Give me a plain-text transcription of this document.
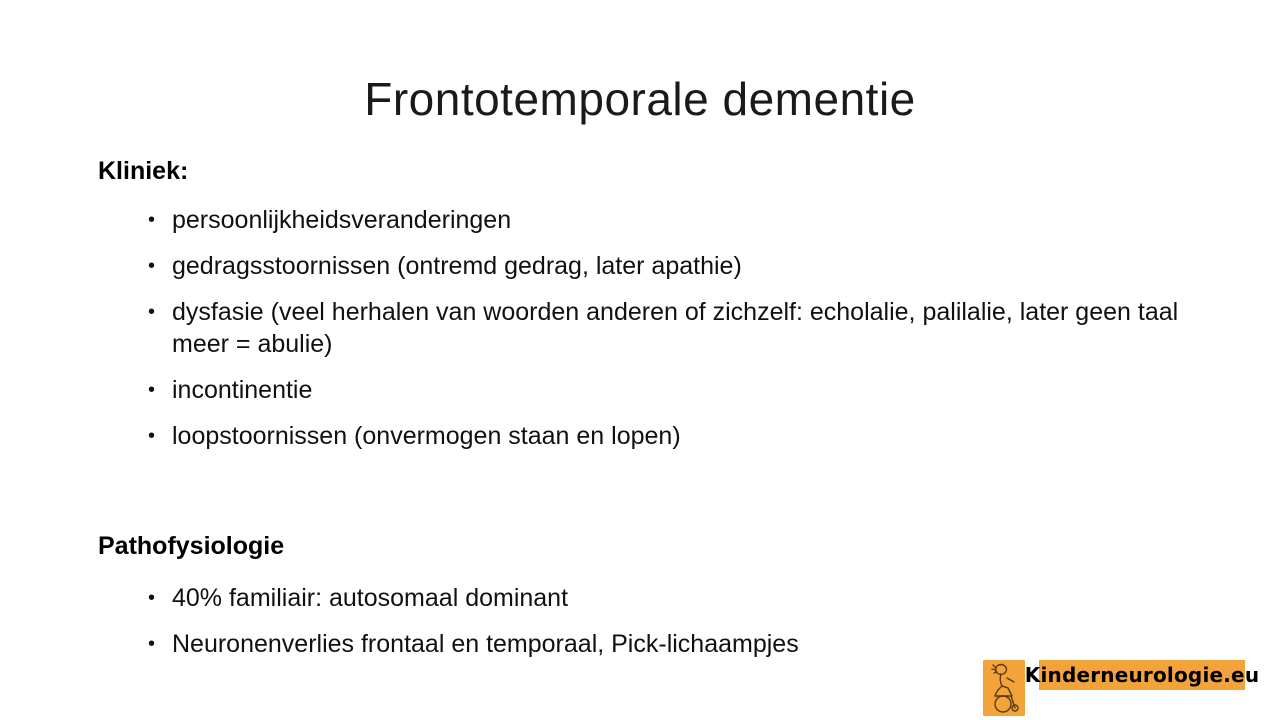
Frontotemporale dementie
Kliniek:
• persoonlijkheidsveranderingen
• gedragsstoornissen (ontremd gedrag, later apathie)
• dysfasie (veel herhalen van woorden anderen of zichzelf: echolalie, palilalie, later geen taal meer = abulie)
• incontinentie
• loopstoornissen (onvermogen staan en lopen)
Pathofysiologie
• 40% familiair: autosomaal dominant
• Neuronenverlies frontaal en temporaal, Pick-lichaampjes
Kinderneurologie.eu
